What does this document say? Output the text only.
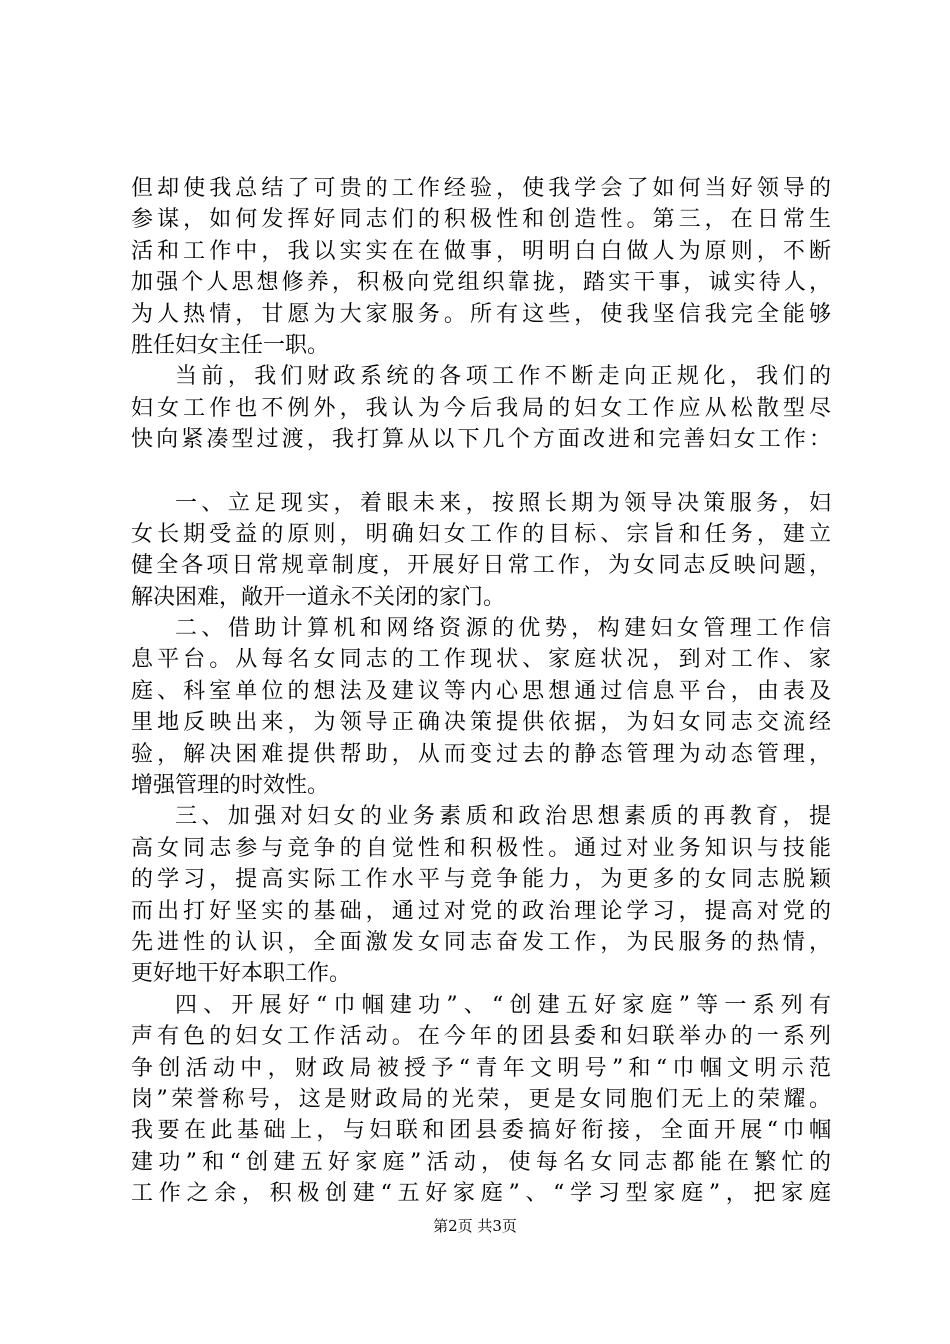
但却使我总结了可贵的工作经验，使我学会了如何当好领导的
参谋，如何发挥好同志们的积极性和创造性。第三，在日常生
活和工作中，我以实实在在做事，明明白白做人为原则，不断
加强个人思想修养，积极向党组织靠拢，踏实干事，诚实待人，
为人热情，甘愿为大家服务。所有这些，使我坚信我完全能够
胜任妇女主任一职。
当前，我们财政系统的各项工作不断走向正规化，我们的
妇女工作也不例外，我认为今后我局的妇女工作应从松散型尽
快向紧凑型过渡，我打算从以下几个方面改进和完善妇女工作：
一、立足现实，着眼未来，按照长期为领导决策服务，妇
女长期受益的原则，明确妇女工作的目标、宗旨和任务，建立
健全各项日常规章制度，开展好日常工作，为女同志反映问题，
解决困难，敞开一道永不关闭的家门。
二、借助计算机和网络资源的优势，构建妇女管理工作信
息平台。从每名女同志的工作现状、家庭状况，到对工作、家
庭、科室单位的想法及建议等内心思想通过信息平台，由表及
里地反映出来，为领导正确决策提供依据，为妇女同志交流经
验，解决困难提供帮助，从而变过去的静态管理为动态管理，
增强管理的时效性。
三、加强对妇女的业务素质和政治思想素质的再教育，提
高女同志参与竞争的自觉性和积极性。通过对业务知识与技能
的学习，提高实际工作水平与竞争能力，为更多的女同志脱颖
而出打好坚实的基础，通过对党的政治理论学习，提高对党的
先进性的认识，全面激发女同志奋发工作，为民服务的热情，
更好地干好本职工作。
四、开展好“巾帼建功”、“创建五好家庭”等一系列有
声有色的妇女工作活动。在今年的团县委和妇联举办的一系列
争创活动中，财政局被授予“青年文明号”和“巾帼文明示范
岗”荣誉称号，这是财政局的光荣，更是女同胞们无上的荣耀。
我要在此基础上，与妇联和团县委搞好衔接，全面开展“巾帼
建功”和“创建五好家庭”活动，使每名女同志都能在繁忙的
工作之余，积极创建“五好家庭”、“学习型家庭”，把家庭
第2页 共3页
